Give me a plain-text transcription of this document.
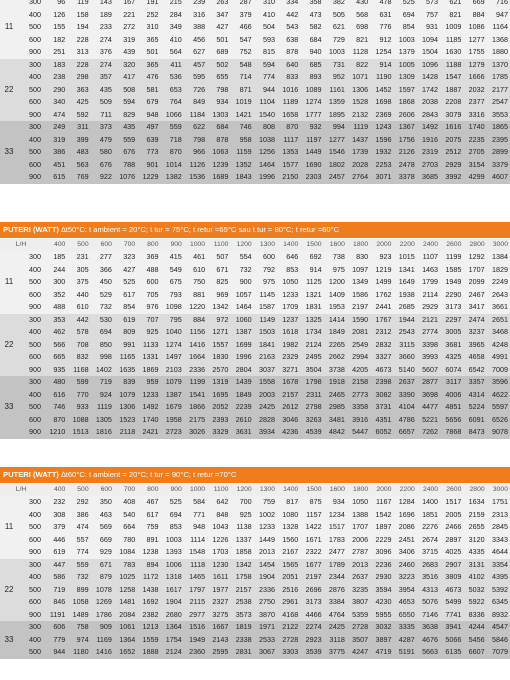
11	300	96	119	143	167	191	215	239	263	287	310	334	358	382	430	478	525	573	621	669	716
	400	126	158	189	221	252	284	316	347	379	410	442	473	505	568	631	694	757	821	884	947
	500	155	194	233	272	310	349	388	427	466	504	543	582	621	698	776	854	931	1009	1086	1164
	600	182	228	274	319	365	410	456	501	547	593	638	684	729	821	912	1003	1094	1185	1277	1368
	900	251	313	376	439	501	564	627	689	752	815	878	940	1003	1128	1254	1379	1504	1630	1755	1880
22	300	183	228	274	320	365	411	457	502	548	594	640	685	731	822	914	1005	1096	1188	1279	1370
	400	238	298	357	417	476	536	595	655	714	774	833	893	952	1071	1190	1309	1428	1547	1666	1785
	500	290	363	435	508	581	653	726	798	871	944	1016	1089	1161	1306	1452	1597	1742	1887	2032	2177
	600	340	425	509	594	679	764	849	934	1019	1104	1189	1274	1359	1528	1698	1868	2038	2208	2377	2547
	900	474	592	711	829	948	1066	1184	1303	1421	1540	1658	1777	1895	2132	2369	2606	2843	3079	3316	3553
33	300	249	311	373	435	497	559	622	684	746	808	870	932	994	1119	1243	1367	1492	1616	1740	1865
	400	319	399	479	559	639	718	798	878	958	1038	1117	1197	1277	1437	1596	1756	1916	2075	2235	2395
	500	386	483	580	676	773	870	966	1063	1159	1256	1353	1449	1546	1739	1932	2126	2319	2512	2705	2899
	600	451	563	676	788	901	1014	1126	1239	1352	1464	1577	1690	1802	2028	2253	2478	2703	2929	3154	3379
	900	615	769	922	1076	1229	1382	1536	1689	1843	1996	2150	2303	2457	2764	3071	3378	3685	3992	4299	4607
PUTERI (WATT) ∆t50°C: t ambient = 20°C; t tur = 75°C; t retur =65°C sau t tur = 80°C; t retur =60°C
L/H		400	500	600	700	800	900	1000	1100	1200	1300	1400	1500	1600	1800	2000	2200	2400	2600	2800	3000
11	300	185	231	277	323	369	415	461	507	554	600	646	692	738	830	923	1015	1107	1199	1292	1384
	400	244	305	366	427	488	549	610	671	732	792	853	914	975	1097	1219	1341	1463	1585	1707	1829
	500	300	375	450	525	600	675	750	825	900	975	1050	1125	1200	1349	1499	1649	1799	1949	2099	2249
	600	352	440	529	617	705	793	881	969	1057	1145	1233	1321	1409	1586	1762	1938	2114	2290	2467	2643
	900	488	610	732	854	976	1098	1220	1342	1464	1587	1709	1831	1953	2197	2441	2685	2929	3173	3417	3661
22	300	353	442	530	619	707	795	884	972	1060	1149	1237	1325	1414	1590	1767	1944	2121	2297	2474	2651
	400	462	578	694	809	925	1040	1156	1271	1387	1503	1618	1734	1849	2081	2312	2543	2774	3005	3237	3468
	500	566	708	850	991	1133	1274	1416	1557	1699	1841	1982	2124	2265	2549	2832	3115	3398	3681	3965	4248
	600	665	832	998	1165	1331	1497	1664	1830	1996	2163	2329	2495	2662	2994	3327	3660	3993	4325	4658	4991
	900	935	1168	1402	1635	1869	2103	2336	2570	2804	3037	3271	3504	3738	4205	4673	5140	5607	6074	6542	7009
33	300	480	599	719	839	959	1079	1199	1319	1439	1558	1678	1798	1918	2158	2398	2637	2877	3117	3357	3596
	400	616	770	924	1079	1233	1387	1541	1695	1849	2003	2157	2311	2465	2773	3082	3390	3698	4006	4314	4622
	500	746	933	1119	1306	1492	1679	1866	2052	2239	2425	2612	2798	2985	3358	3731	4104	4477	4851	5224	5597
	600	870	1088	1305	1523	1740	1958	2175	2393	2610	2828	3046	3263	3481	3916	4351	4786	5221	5656	6091	6526
	900	1210	1513	1816	2118	2421	2723	3026	3329	3631	3934	4236	4539	4842	5447	6052	6657	7262	7868	8473	9078
PUTERI (WATT) ∆t60°C: t ambient = 20°C; t tur = 90°C; t retur =70°C
L/H		400	500	600	700	800	900	1000	1100	1200	1300	1400	1500	1600	1800	2000	2200	2400	2600	2800	3000
11	300	232	292	350	408	467	525	584	642	700	759	817	875	934	1050	1167	1284	1400	1517	1634	1751
	400	308	386	463	540	617	694	771	848	925	1002	1080	1157	1234	1388	1542	1696	1851	2005	2159	2313
	500	379	474	569	664	759	853	948	1043	1138	1233	1328	1422	1517	1707	1897	2086	2276	2466	2655	2845
	600	446	557	669	780	891	1003	1114	1226	1337	1449	1560	1671	1783	2006	2229	2451	2674	2897	3120	3343
	900	619	774	929	1084	1238	1393	1548	1703	1858	2013	2167	2322	2477	2787	3096	3406	3715	4025	4335	4644
22	300	447	559	671	783	894	1006	1118	1230	1342	1454	1565	1677	1789	2013	2236	2460	2683	2907	3131	3354
	400	586	732	879	1025	1172	1318	1465	1611	1758	1904	2051	2197	2344	2637	2930	3223	3516	3809	4102	4395
	500	719	899	1078	1258	1438	1617	1797	1977	2157	2336	2516	2696	2876	3235	3594	3954	4313	4673	5032	5392
	600	846	1058	1269	1481	1692	1904	2115	2327	2538	2750	2961	3173	3384	3807	4230	4653	5076	5499	5922	6345
	900	1191	1489	1786	2084	2382	2680	2977	3275	3573	3870	4168	4466	4764	5359	5955	6550	7146	7741	8336	8932
33	300	606	758	909	1061	1213	1364	1516	1667	1819	1971	2122	2274	2425	2728	3032	3335	3638	3941	4244	4547
	400	779	974	1169	1364	1559	1754	1949	2143	2338	2533	2728	2923	3118	3507	3897	4287	4676	5066	5456	5846
	500	944	1180	1416	1652	1888	2124	2360	2595	2831	3067	3303	3539	3775	4247	4719	5191	5663	6135	6607	7079
